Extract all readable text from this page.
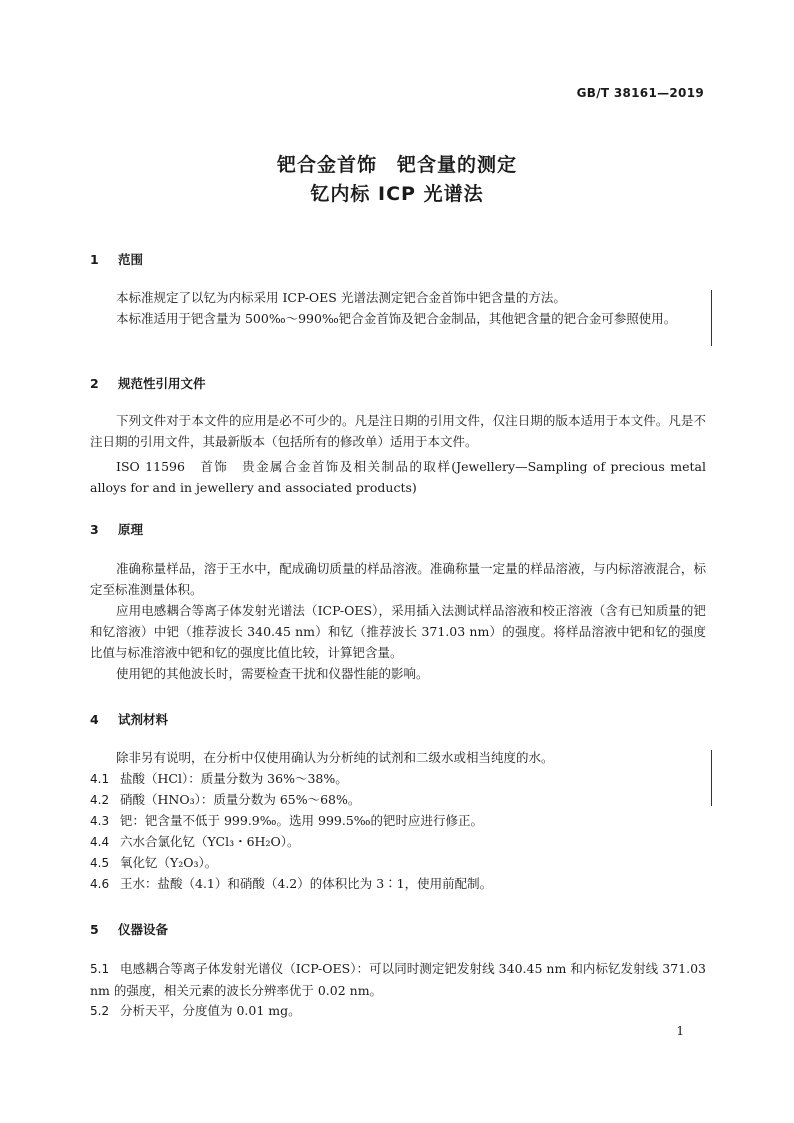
GB/T 38161—2019
钯合金首饰　钯含量的测定
钇内标 ICP 光谱法
1 范围
本标准规定了以钇为内标采用 ICP-OES 光谱法测定钯合金首饰中钯含量的方法。
本标准适用于钯含量为 500‰～990‰钯合金首饰及钯合金制品，其他钯含量的钯合金可参照使用。
2 规范性引用文件
下列文件对于本文件的应用是必不可少的。凡是注日期的引用文件，仅注日期的版本适用于本文件。凡是不注日期的引用文件，其最新版本（包括所有的修改单）适用于本文件。
ISO 11596　首饰　贵金属合金首饰及相关制品的取样(Jewellery—Sampling of precious metal alloys for and in jewellery and associated products)
3 原理
准确称量样品，溶于王水中，配成确切质量的样品溶液。准确称量一定量的样品溶液，与内标溶液混合，标定至标准测量体积。
应用电感耦合等离子体发射光谱法（ICP-OES），采用插入法测试样品溶液和校正溶液（含有已知质量的钯和钇溶液）中钯（推荐波长 340.45 nm）和钇（推荐波长 371.03 nm）的强度。将样品溶液中钯和钇的强度比值与标准溶液中钯和钇的强度比值比较，计算钯含量。
使用钯的其他波长时，需要检查干扰和仪器性能的影响。
4 试剂材料
除非另有说明，在分析中仅使用确认为分析纯的试剂和二级水或相当纯度的水。
4.1 盐酸（HCl）：质量分数为 36%～38%。
4.2 硝酸（HNO₃）：质量分数为 65%～68%。
4.3 钯：钯含量不低于 999.9‰。选用 999.5‰的钯时应进行修正。
4.4 六水合氯化钇（YCl₃・6H₂O）。
4.5 氧化钇（Y₂O₃）。
4.6 王水：盐酸（4.1）和硝酸（4.2）的体积比为 3∶1，使用前配制。
5 仪器设备
5.1 电感耦合等离子体发射光谱仪（ICP-OES）：可以同时测定钯发射线 340.45 nm 和内标钇发射线 371.03 nm 的强度，相关元素的波长分辨率优于 0.02 nm。
5.2 分析天平，分度值为 0.01 mg。
1
